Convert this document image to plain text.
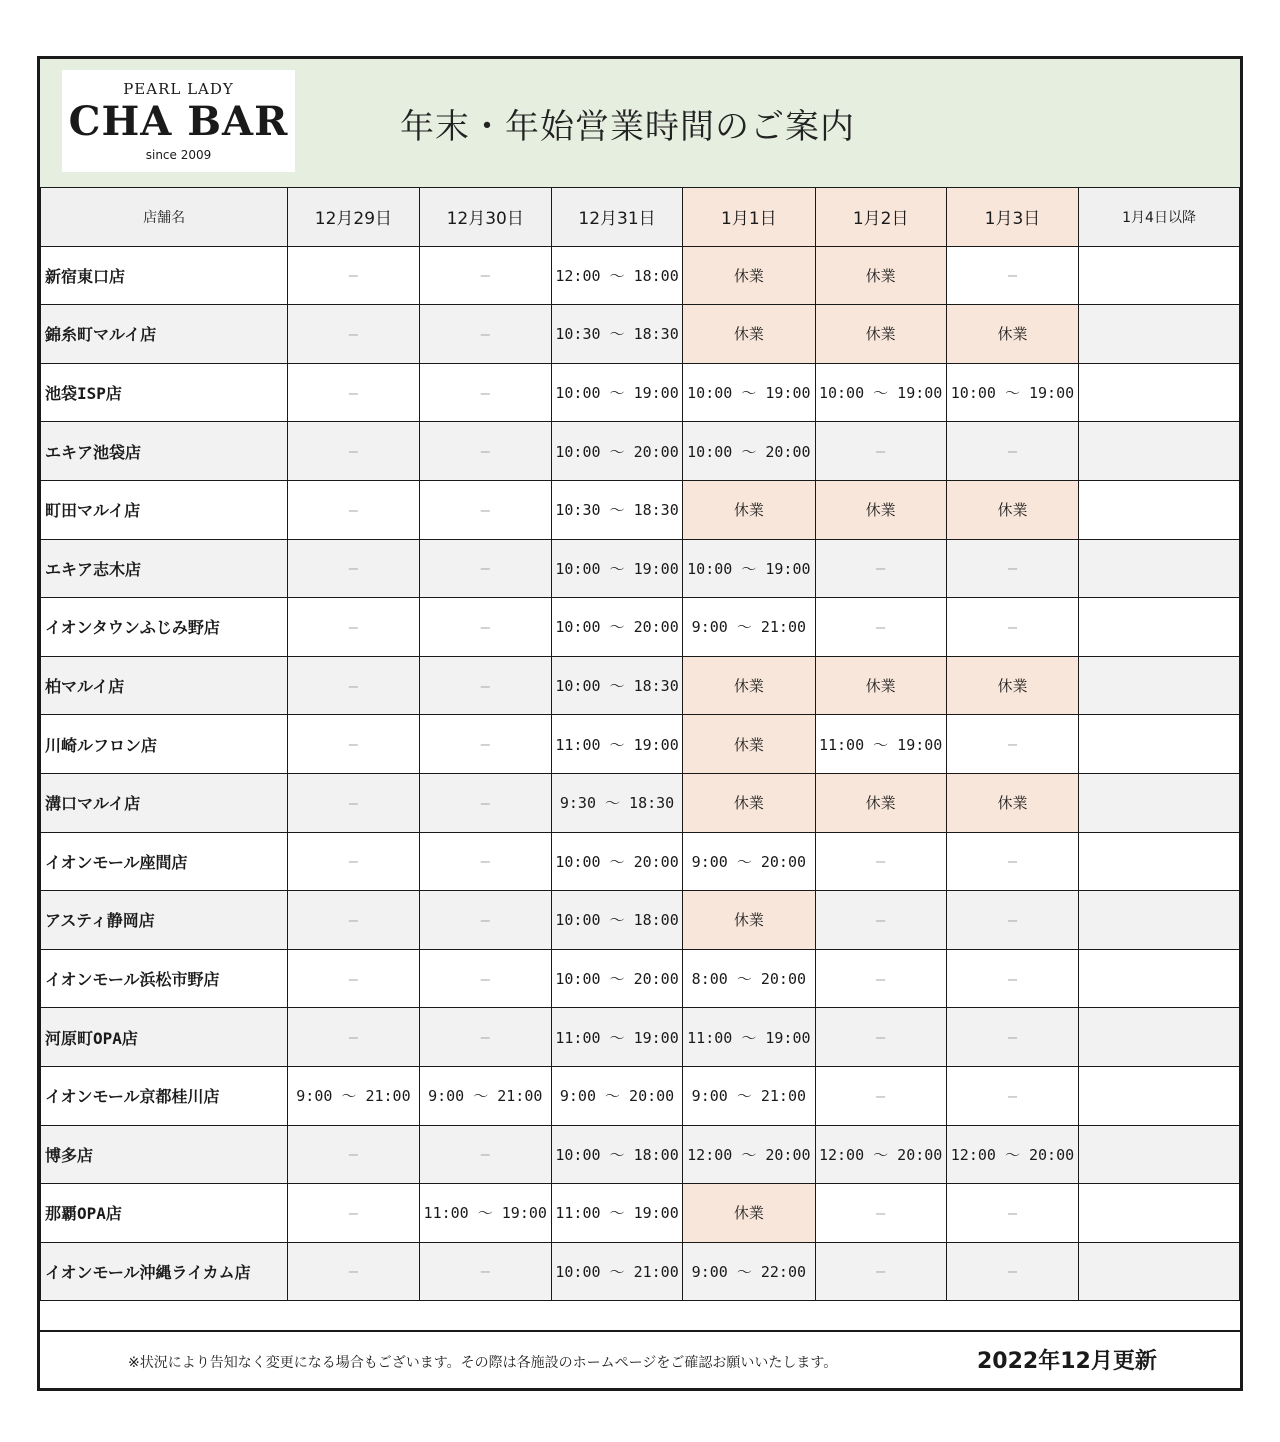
PEARL LADY
CHA BAR
since 2009
年末・年始営業時間のご案内
店舗名	12月29日	12月30日	12月31日	1月1日	1月2日	1月3日	1月4日以降
新宿東口店	—	—	12:00 〜 18:00	休業	休業	—	
錦糸町マルイ店	—	—	10:30 〜 18:30	休業	休業	休業	
池袋ISP店	—	—	10:00 〜 19:00	10:00 〜 19:00	10:00 〜 19:00	10:00 〜 19:00	
エキア池袋店	—	—	10:00 〜 20:00	10:00 〜 20:00	—	—	
町田マルイ店	—	—	10:30 〜 18:30	休業	休業	休業	
エキア志木店	—	—	10:00 〜 19:00	10:00 〜 19:00	—	—	
イオンタウンふじみ野店	—	—	10:00 〜 20:00	9:00 〜 21:00	—	—	
柏マルイ店	—	—	10:00 〜 18:30	休業	休業	休業	
川崎ルフロン店	—	—	11:00 〜 19:00	休業	11:00 〜 19:00	—	
溝口マルイ店	—	—	9:30 〜 18:30	休業	休業	休業	
イオンモール座間店	—	—	10:00 〜 20:00	9:00 〜 20:00	—	—	
アスティ静岡店	—	—	10:00 〜 18:00	休業	—	—	
イオンモール浜松市野店	—	—	10:00 〜 20:00	8:00 〜 20:00	—	—	
河原町OPA店	—	—	11:00 〜 19:00	11:00 〜 19:00	—	—	
イオンモール京都桂川店	9:00 〜 21:00	9:00 〜 21:00	9:00 〜 20:00	9:00 〜 21:00	—	—	
博多店	—	—	10:00 〜 18:00	12:00 〜 20:00	12:00 〜 20:00	12:00 〜 20:00	
那覇OPA店	—	11:00 〜 19:00	11:00 〜 19:00	休業	—	—	
イオンモール沖縄ライカム店	—	—	10:00 〜 21:00	9:00 〜 22:00	—	—	
※状況により告知なく変更になる場合もございます。その際は各施設のホームページをご確認お願いいたします。	2022年12月更新
